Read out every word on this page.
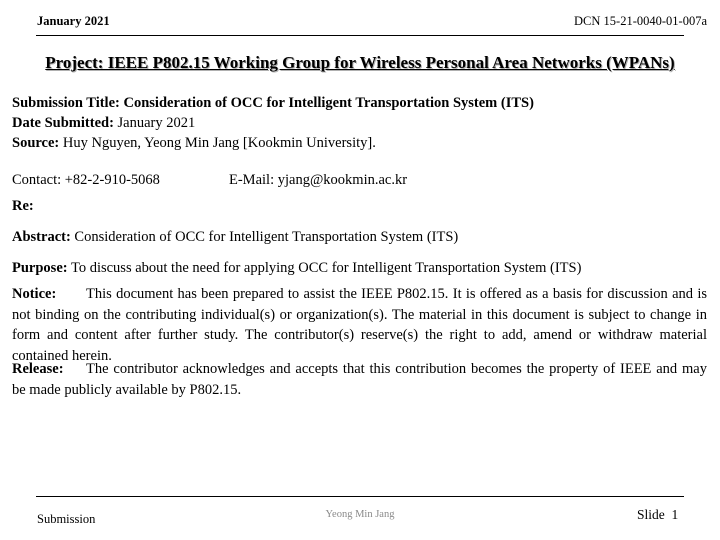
January 2021	DCN 15-21-0040-01-007a
Project: IEEE P802.15 Working Group for Wireless Personal Area Networks (WPANs)
Submission Title: Consideration of OCC for Intelligent Transportation System (ITS)
Date Submitted: January 2021
Source: Huy Nguyen, Yeong Min Jang [Kookmin University].
Contact: +82-2-910-5068	E-Mail: yjang@kookmin.ac.kr
Re:
Abstract: Consideration of OCC for Intelligent Transportation System (ITS)
Purpose: To discuss about the need for applying OCC for Intelligent Transportation System (ITS)
Notice: This document has been prepared to assist the IEEE P802.15. It is offered as a basis for discussion and is not binding on the contributing individual(s) or organization(s). The material in this document is subject to change in form and content after further study. The contributor(s) reserve(s) the right to add, amend or withdraw material contained herein.
Release: The contributor acknowledges and accepts that this contribution becomes the property of IEEE and may be made publicly available by P802.15.
Submission	Yeong Min Jang	Slide 1
